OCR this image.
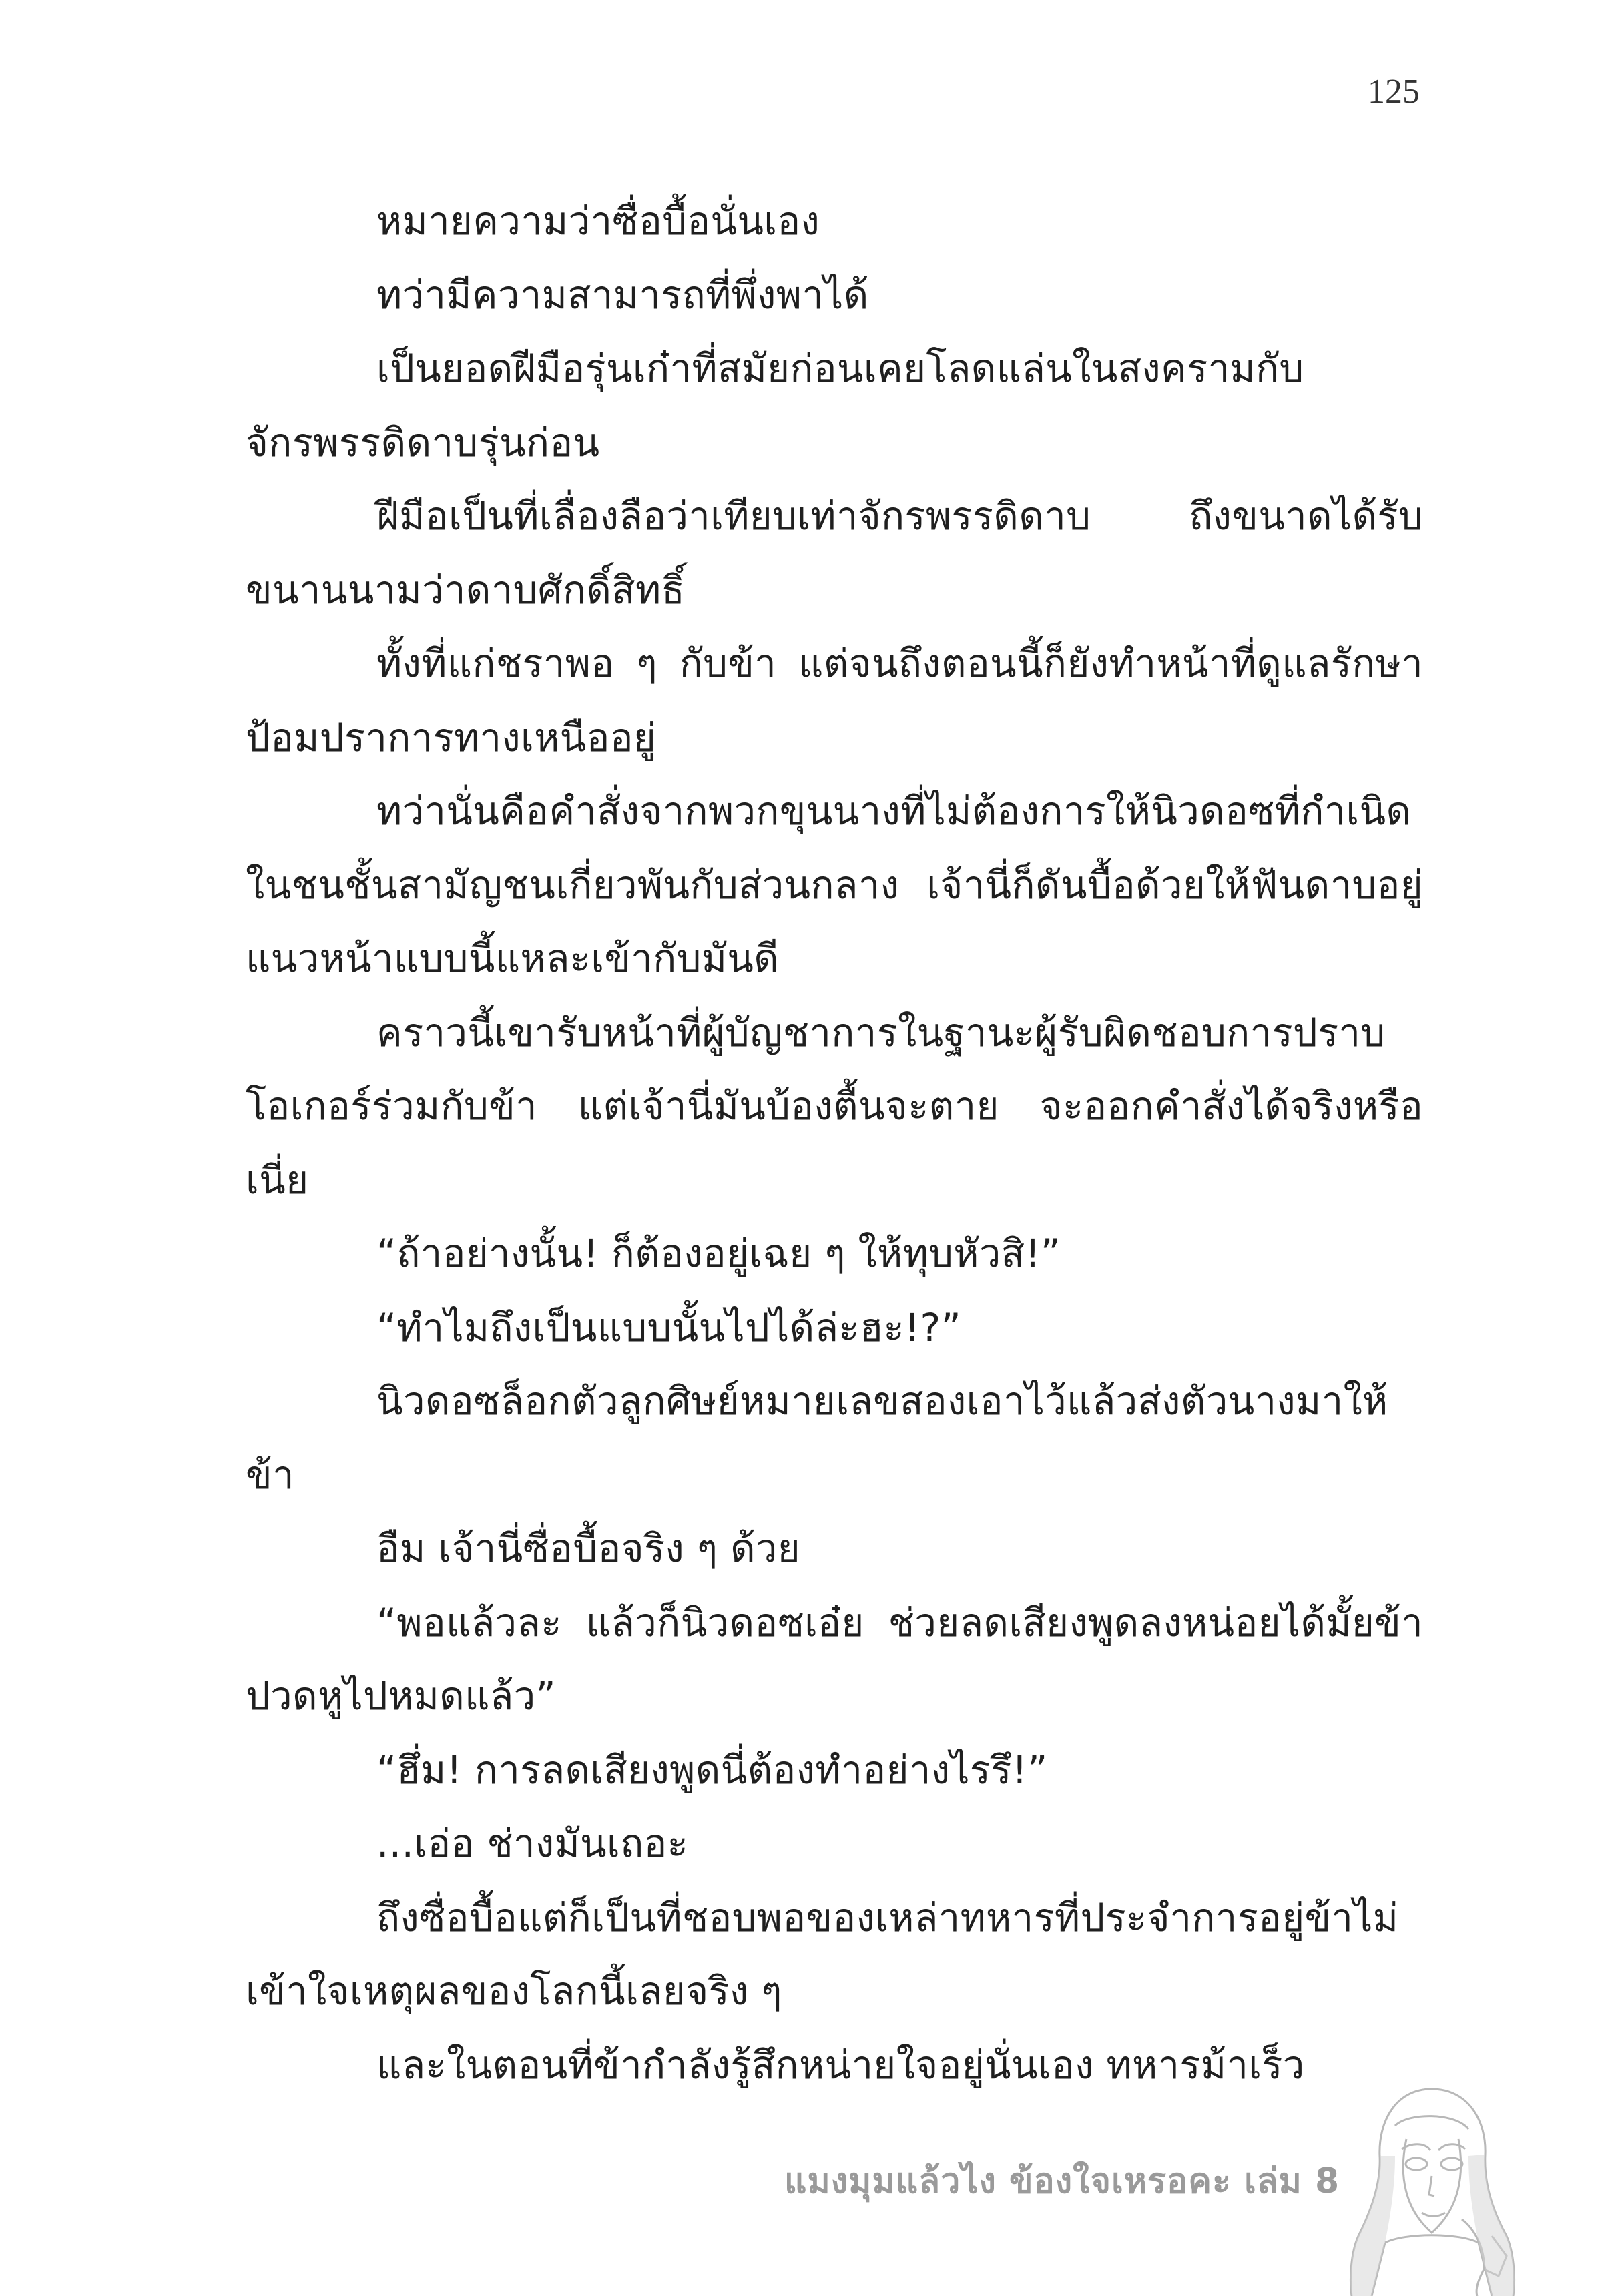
125

หมายความว่าซื่อบื้อนั่นเอง

ทว่ามีความสามารถที่พึ่งพาได้

เป็นยอดฝีมือรุ่นเก๋าที่สมัยก่อนเคยโลดแล่นในสงครามกับจักรพรรดิดาบรุ่นก่อน

ฝีมือเป็นที่เลื่องลือว่าเทียบเท่าจักรพรรดิดาบ ถึงขนาดได้รับขนานนามว่าดาบศักดิ์สิทธิ์

ทั้งที่แก่ชราพอ ๆ กับข้า แต่จนถึงตอนนี้ก็ยังทำหน้าที่ดูแลรักษาป้อมปราการทางเหนืออยู่

ทว่านั่นคือคำสั่งจากพวกขุนนางที่ไม่ต้องการให้นิวดอซที่กำเนิดในชนชั้นสามัญชนเกี่ยวพันกับส่วนกลาง เจ้านี่ก็ดันบื้อด้วยให้ฟันดาบอยู่แนวหน้าแบบนี้แหละเข้ากับมันดี

คราวนี้เขารับหน้าที่ผู้บัญชาการในฐานะผู้รับผิดชอบการปราบโอเกอร์ร่วมกับข้า แต่เจ้านี่มันบ้องตื้นจะตาย จะออกคำสั่งได้จริงหรือเนี่ย

“ถ้าอย่างนั้น! ก็ต้องอยู่เฉย ๆ ให้ทุบหัวสิ!”

“ทำไมถึงเป็นแบบนั้นไปได้ล่ะฮะ!?”

นิวดอซล็อกตัวลูกศิษย์หมายเลขสองเอาไว้แล้วส่งตัวนางมาให้ข้า

อืม เจ้านี่ซื่อบื้อจริง ๆ ด้วย

“พอแล้วละ แล้วก็นิวดอซเอ๋ย ช่วยลดเสียงพูดลงหน่อยได้มั้ยข้าปวดหูไปหมดแล้ว”

“ฮึ่ม! การลดเสียงพูดนี่ต้องทำอย่างไรรึ!”

...เอ่อ ช่างมันเถอะ

ถึงซื่อบื้อแต่ก็เป็นที่ชอบพอของเหล่าทหารที่ประจำการอยู่ข้าไม่เข้าใจเหตุผลของโลกนี้เลยจริง ๆ

และในตอนที่ข้ากำลังรู้สึกหน่ายใจอยู่นั่นเอง ทหารม้าเร็ว

แมงมุมแล้วไง ข้องใจเหรอคะ เล่ม 8
